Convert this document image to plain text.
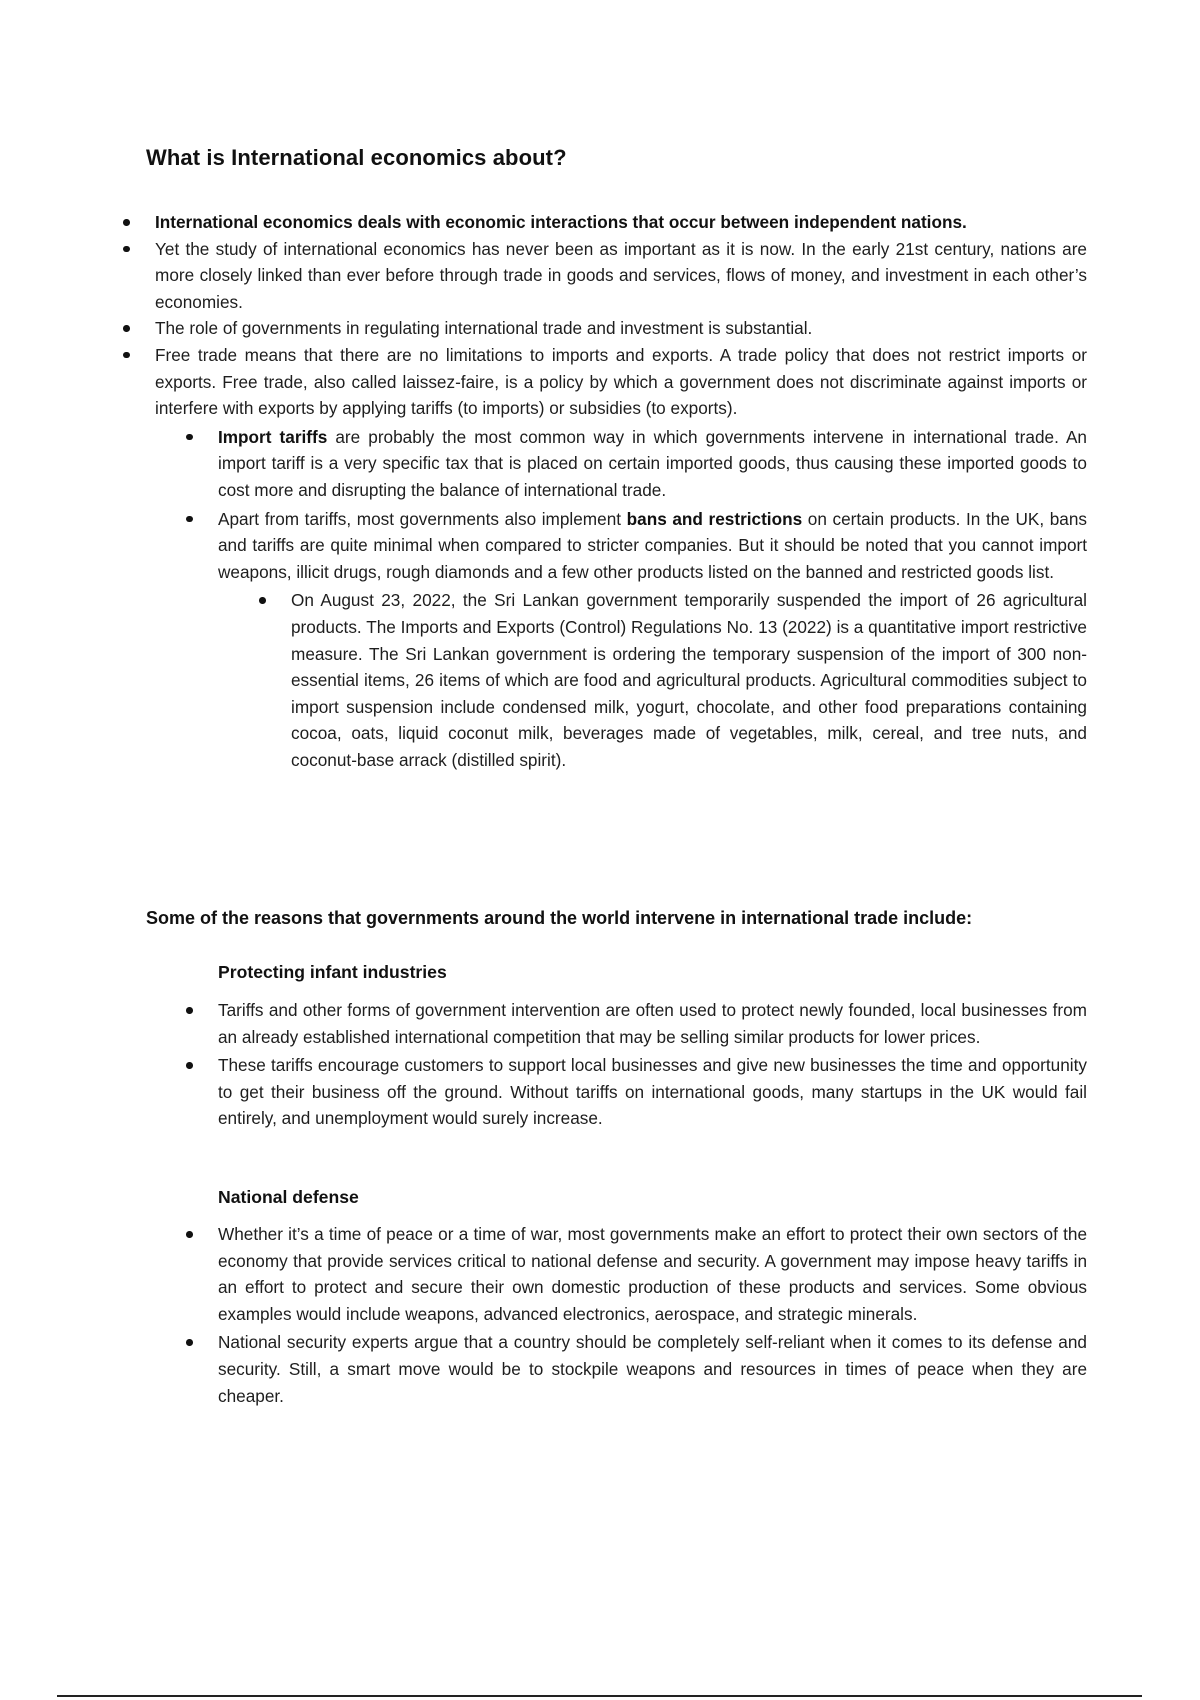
What is International economics about?
International economics deals with economic interactions that occur between independent nations.
Yet the study of international economics has never been as important as it is now. In the early 21st century, nations are more closely linked than ever before through trade in goods and services, flows of money, and investment in each other’s economies.
The role of governments in regulating international trade and investment is substantial.
Free trade means that there are no limitations to imports and exports. A trade policy that does not restrict imports or exports. Free trade, also called laissez-faire, is a policy by which a government does not discriminate against imports or interfere with exports by applying tariffs (to imports) or subsidies (to exports).
Import tariffs are probably the most common way in which governments intervene in international trade. An import tariff is a very specific tax that is placed on certain imported goods, thus causing these imported goods to cost more and disrupting the balance of international trade.
Apart from tariffs, most governments also implement bans and restrictions on certain products. In the UK, bans and tariffs are quite minimal when compared to stricter companies. But it should be noted that you cannot import weapons, illicit drugs, rough diamonds and a few other products listed on the banned and restricted goods list.
On August 23, 2022, the Sri Lankan government temporarily suspended the import of 26 agricultural products. The Imports and Exports (Control) Regulations No. 13 (2022) is a quantitative import restrictive measure. The Sri Lankan government is ordering the temporary suspension of the import of 300 non-essential items, 26 items of which are food and agricultural products. Agricultural commodities subject to import suspension include condensed milk, yogurt, chocolate, and other food preparations containing cocoa, oats, liquid coconut milk, beverages made of vegetables, milk, cereal, and tree nuts, and coconut-base arrack (distilled spirit).
Some of the reasons that governments around the world intervene in international trade include:
Protecting infant industries
Tariffs and other forms of government intervention are often used to protect newly founded, local businesses from an already established international competition that may be selling similar products for lower prices.
These tariffs encourage customers to support local businesses and give new businesses the time and opportunity to get their business off the ground. Without tariffs on international goods, many startups in the UK would fail entirely, and unemployment would surely increase.
National defense
Whether it’s a time of peace or a time of war, most governments make an effort to protect their own sectors of the economy that provide services critical to national defense and security. A government may impose heavy tariffs in an effort to protect and secure their own domestic production of these products and services. Some obvious examples would include weapons, advanced electronics, aerospace, and strategic minerals.
National security experts argue that a country should be completely self-reliant when it comes to its defense and security. Still, a smart move would be to stockpile weapons and resources in times of peace when they are cheaper.
